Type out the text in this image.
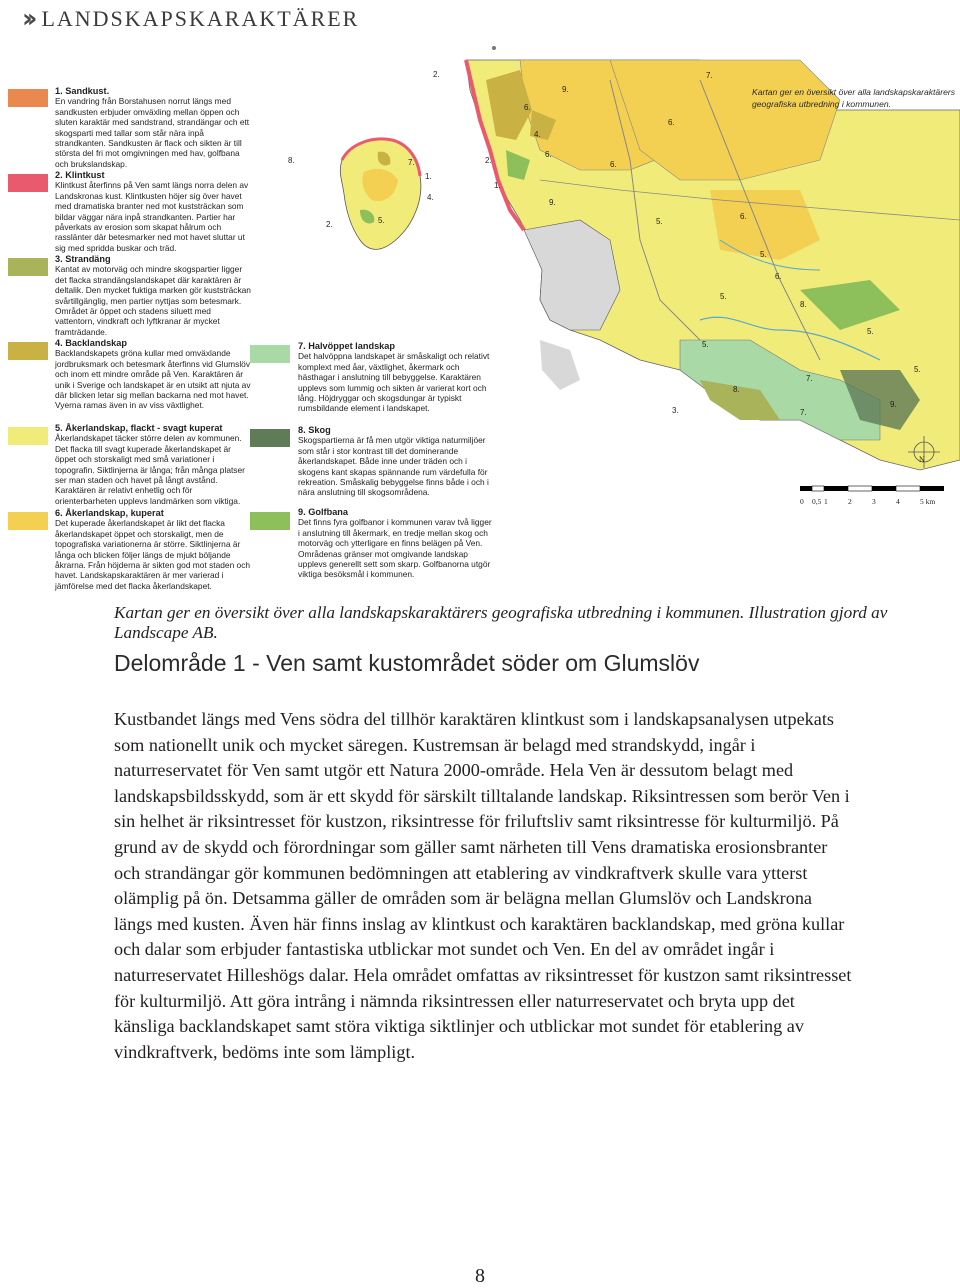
›› LANDSKAPSKARAKTÄRER
2.	7.
6.
9.
4.
6.
6.
2.
1.
8.	7.
1.
4.
9.
2.	5.	5.
6.
5.
5.
8.
6.
5.
7.
3.
8.
7.
5.
9.
5.
6.
Kartan ger en översikt över alla landskapskaraktärers geografiska utbredning i kommunen.
0 0,5 1	2	3	4	5 km
N
1. Sandkust.
En vandring från Borstahusen norrut längs med sandkusten erbjuder omväxling mellan öppen och sluten karaktär med sandstrand, strandängar och ett skogsparti med tallar som står nära inpå strandkanten. Sandkusten är flack och sikten är till största del fri mot omgivningen med hav, golfbana och brukslandskap.
2. Klintkust
Klintkust återfinns på Ven samt längs norra delen av Landskronas kust. Klintkusten höjer sig över havet med dramatiska branter ned mot kuststräckan som bildar väggar nära inpå strandkanten. Partier har påverkats av erosion som skapat hålrum och rasslänter där betesmarker ned mot havet sluttar ut sig med spridda buskar och träd.
3. Strandäng
Kantat av motorväg och mindre skogspartier ligger det flacka strandängslandskapet där karaktären är deltalik. Den mycket fuktiga marken gör kuststräckan svårtillgänglig, men partier nyttjas som betesmark. Området är öppet och stadens siluett med vattentorn, vindkraft och lyftkranar är mycket framträdande.
4. Backlandskap
Backlandskapets gröna kullar med omväxlande jordbruksmark och betesmark återfinns vid Glumslöv och inom ett mindre område på Ven. Karaktären är unik i Sverige och landskapet är en utsikt att njuta av där blicken letar sig mellan backarna ned mot havet. Vyerna ramas även in av viss växtlighet.
5. Åkerlandskap, flackt - svagt kuperat
Åkerlandskapet täcker större delen av kommunen. Det flacka till svagt kuperade åkerlandskapet är öppet och storskaligt med små variationer i topografin. Siktlinjerna är långa; från många platser ser man staden och havet på långt avstånd. Karaktären är relativt enhetlig och för orienterbarheten upplevs landmärken som viktiga.
6. Åkerlandskap, kuperat
Det kuperade åkerlandskapet är likt det flacka åkerlandskapet öppet och storskaligt, men de topografiska variationerna är större. Siktlinjerna är långa och blicken följer längs de mjukt böljande åkrarna. Från höjderna är sikten god mot staden och havet. Landskapskaraktären är mer varierad i jämförelse med det flacka åkerlandskapet.
7. Halvöppet landskap
Det halvöppna landskapet är småskaligt och relativt komplext med åar, växtlighet, åkermark och hästhagar i anslutning till bebyggelse. Karaktären upplevs som lummig och sikten är varierat kort och lång. Höjdryggar och skogsdungar är typiskt rumsbildande element i landskapet.
8. Skog
Skogspartierna är få men utgör viktiga naturmiljöer som står i stor kontrast till det dominerande åkerlandskapet. Både inne under träden och i skogens kant skapas spännande rum värdefulla för rekreation. Småskalig bebyggelse finns både i och i nära anslutning till skogsområdena.
9. Golfbana
Det finns fyra golfbanor i kommunen varav två ligger i anslutning till åkermark, en tredje mellan skog och motorväg och ytterligare en finns belägen på Ven. Områdenas gränser mot omgivande landskap upplevs generellt sett som skarp. Golfbanorna utgör viktiga besöksmål i kommunen.
Kartan ger en översikt över alla landskapskaraktärers geografiska utbredning i kommunen. Illustration gjord av Landscape AB.
Delområde 1 - Ven samt kustområdet söder om Glumslöv
Kustbandet längs med Vens södra del tillhör karaktären klintkust som i landskapsanalysen utpekats som nationellt unik och mycket säregen. Kustremsan är belagd med strandskydd, ingår i naturreservatet för Ven samt utgör ett Natura 2000-område. Hela Ven är dessutom belagt med landskapsbildsskydd, som är ett skydd för särskilt tilltalande landskap. Riksintressen som berör Ven i sin helhet är riksintresset för kustzon, riksintresse för friluftsliv samt riksintresse för kulturmiljö. På grund av de skydd och förordningar som gäller samt närheten till Vens dramatiska erosionsbranter och strandängar gör kommunen bedömningen att etablering av vindkraftverk skulle vara ytterst olämplig på ön. Detsamma gäller de områden som är belägna mellan Glumslöv och Landskrona längs med kusten. Även här finns inslag av klintkust och karaktären backlandskap, med gröna kullar och dalar som erbjuder fantastiska utblickar mot sundet och Ven. En del av området ingår i naturreservatet Hilleshögs dalar. Hela området omfattas av riksintresset för kustzon samt riksintresset för kulturmiljö. Att göra intrång i nämnda riksintressen eller naturreservatet och bryta upp det känsliga backlandskapet samt störa viktiga siktlinjer och utblickar mot sundet för etablering av vindkraftverk, bedöms inte som lämpligt.
8
